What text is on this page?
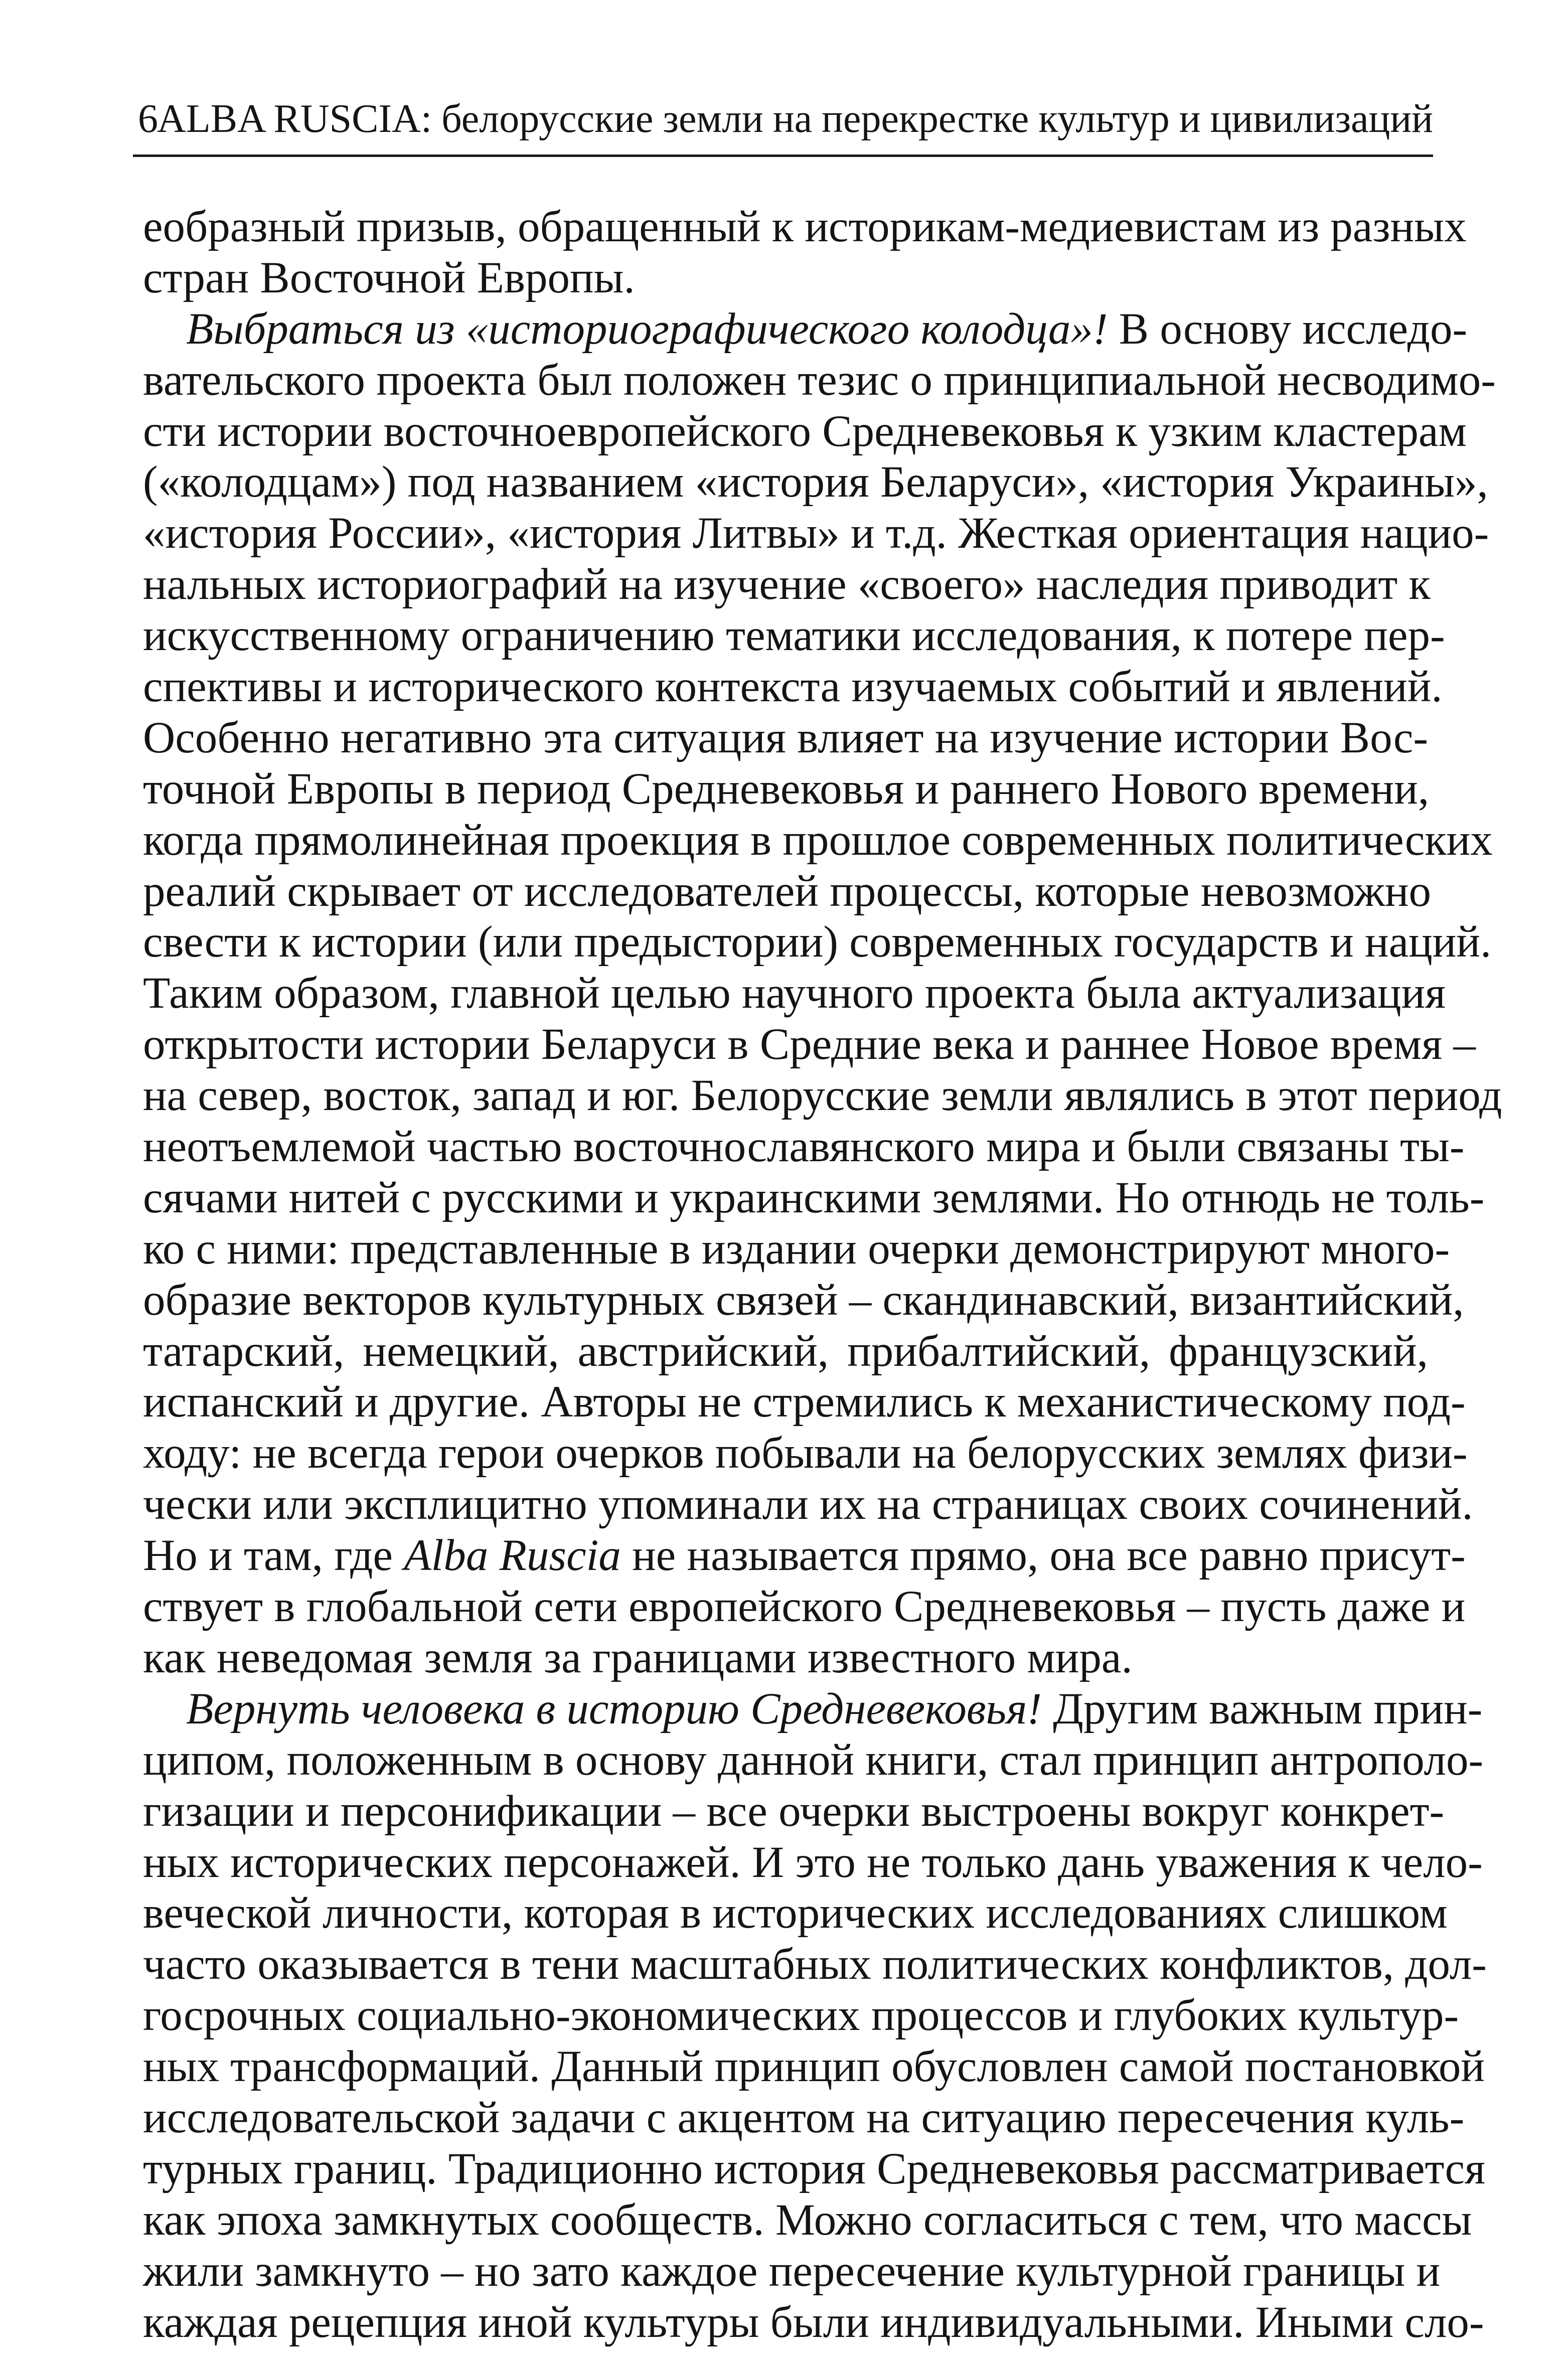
6
ALBA RUSCIA: белорусские земли на перекрестке культур и цивилизаций
еобразный призыв, обращенный к историкам-медиевистам из разных
стран Восточной Европы.
Выбраться из «историографического колодца»! В основу исследо-
вательского проекта был положен тезис о принципиальной несводимо-
сти истории восточноевропейского Средневековья к узким кластерам
(«колодцам») под названием «история Беларуси», «история Украины»,
«история России», «история Литвы» и т.д. Жесткая ориентация нацио-
нальных историографий на изучение «своего» наследия приводит к
искусственному ограничению тематики исследования, к потере пер-
спективы и исторического контекста изучаемых событий и явлений.
Особенно негативно эта ситуация влияет на изучение истории Вос-
точной Европы в период Средневековья и раннего Нового времени,
когда прямолинейная проекция в прошлое современных политических
реалий скрывает от исследователей процессы, которые невозможно
свести к истории (или предыстории) современных государств и наций.
Таким образом, главной целью научного проекта была актуализация
открытости истории Беларуси в Средние века и раннее Новое время –
на север, восток, запад и юг. Белорусские земли являлись в этот период
неотъемлемой частью восточнославянского мира и были связаны ты-
сячами нитей с русскими и украинскими землями. Но отнюдь не толь-
ко с ними: представленные в издании очерки демонстрируют много-
образие векторов культурных связей – скандинавский, византийский,
татарский, немецкий, австрийский, прибалтийский, французский,
испанский и другие. Авторы не стремились к механистическому под-
ходу: не всегда герои очерков побывали на белорусских землях физи-
чески или эксплицитно упоминали их на страницах своих сочинений.
Но и там, где Alba Ruscia не называется прямо, она все равно присут-
ствует в глобальной сети европейского Средневековья – пусть даже и
как неведомая земля за границами известного мира.
Вернуть человека в историю Средневековья! Другим важным прин-
ципом, положенным в основу данной книги, стал принцип антрополо-
гизации и персонификации – все очерки выстроены вокруг конкрет-
ных исторических персонажей. И это не только дань уважения к чело-
веческой личности, которая в исторических исследованиях слишком
часто оказывается в тени масштабных политических конфликтов, дол-
госрочных социально-экономических процессов и глубоких культур-
ных трансформаций. Данный принцип обусловлен самой постановкой
исследовательской задачи с акцентом на ситуацию пересечения куль-
турных границ. Традиционно история Средневековья рассматривается
как эпоха замкнутых сообществ. Можно согласиться с тем, что массы
жили замкнуто – но зато каждое пересечение культурной границы и
каждая рецепция иной культуры были индивидуальными. Иными сло-
